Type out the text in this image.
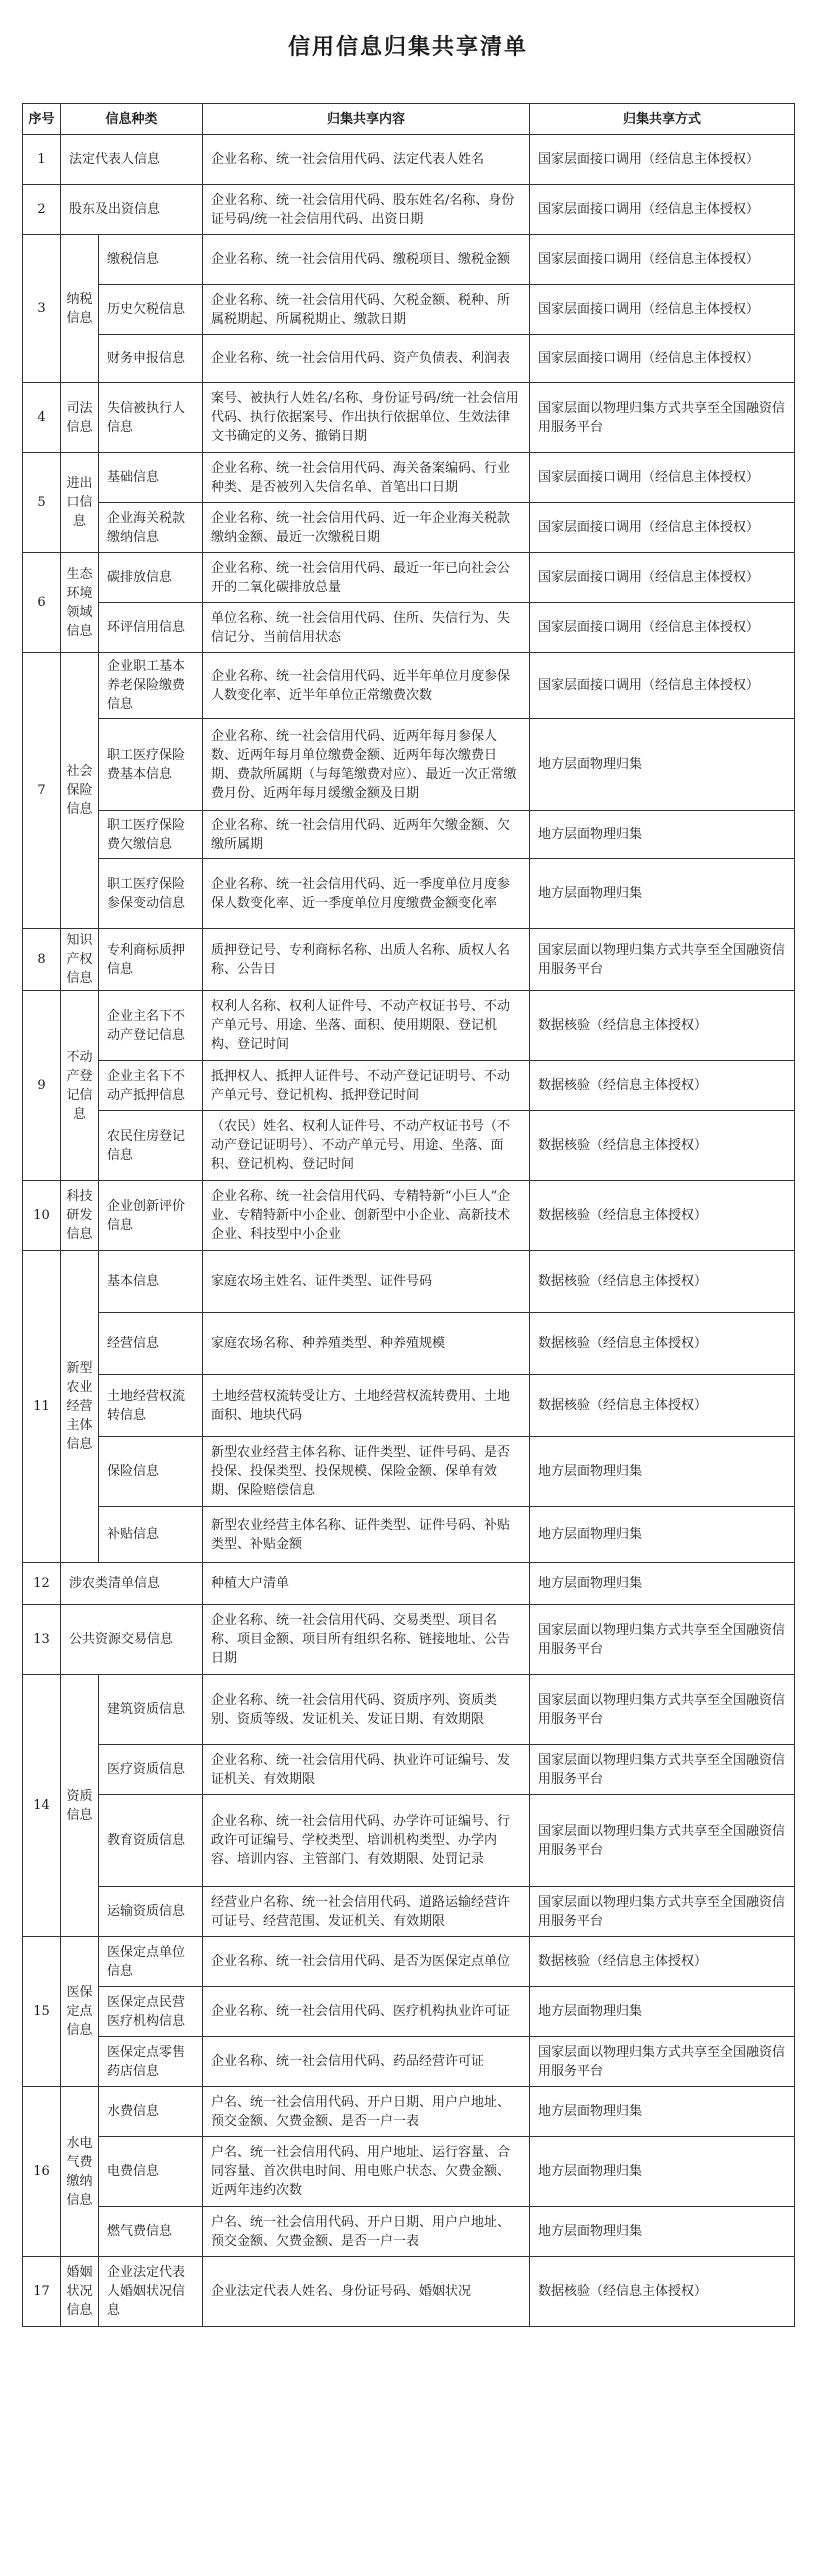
信用信息归集共享清单
序号	信息种类		归集共享内容	归集共享方式
1	法定代表人信息		企业名称、统一社会信用代码、法定代表人姓名	国家层面接口调用（经信息主体授权）
2	股东及出资信息		企业名称、统一社会信用代码、股东姓名/名称、身份证号码/统一社会信用代码、出资日期	国家层面接口调用（经信息主体授权）
3	纳税信息	缴税信息	企业名称、统一社会信用代码、缴税项目、缴税金额	国家层面接口调用（经信息主体授权）
		历史欠税信息	企业名称、统一社会信用代码、欠税金额、税种、所属税期起、所属税期止、缴款日期	国家层面接口调用（经信息主体授权）
		财务申报信息	企业名称、统一社会信用代码、资产负债表、利润表	国家层面接口调用（经信息主体授权）
4	司法信息	失信被执行人信息	案号、被执行人姓名/名称、身份证号码/统一社会信用代码、执行依据案号、作出执行依据单位、生效法律文书确定的义务、撤销日期	国家层面以物理归集方式共享至全国融资信用服务平台
5	进出口信息	基础信息	企业名称、统一社会信用代码、海关备案编码、行业种类、是否被列入失信名单、首笔出口日期	国家层面接口调用（经信息主体授权）
		企业海关税款缴纳信息	企业名称、统一社会信用代码、近一年企业海关税款缴纳金额、最近一次缴税日期	国家层面接口调用（经信息主体授权）
6	生态环境领域信息	碳排放信息	企业名称、统一社会信用代码、最近一年已向社会公开的二氧化碳排放总量	国家层面接口调用（经信息主体授权）
		环评信用信息	单位名称、统一社会信用代码、住所、失信行为、失信记分、当前信用状态	国家层面接口调用（经信息主体授权）
7	社会保险信息	企业职工基本养老保险缴费信息	企业名称、统一社会信用代码、近半年单位月度参保人数变化率、近半年单位正常缴费次数	国家层面接口调用（经信息主体授权）
		职工医疗保险费基本信息	企业名称、统一社会信用代码、近两年每月参保人数、近两年每月单位缴费金额、近两年每次缴费日期、费款所属期（与每笔缴费对应）、最近一次正常缴费月份、近两年每月缓缴金额及日期	地方层面物理归集
		职工医疗保险费欠缴信息	企业名称、统一社会信用代码、近两年欠缴金额、欠缴所属期	地方层面物理归集
		职工医疗保险参保变动信息	企业名称、统一社会信用代码、近一季度单位月度参保人数变化率、近一季度单位月度缴费金额变化率	地方层面物理归集
8	知识产权信息	专利商标质押信息	质押登记号、专利商标名称、出质人名称、质权人名称、公告日	国家层面以物理归集方式共享至全国融资信用服务平台
9	不动产登记信息	企业主名下不动产登记信息	权利人名称、权利人证件号、不动产权证书号、不动产单元号、用途、坐落、面积、使用期限、登记机构、登记时间	数据核验（经信息主体授权）
		企业主名下不动产抵押信息	抵押权人、抵押人证件号、不动产登记证明号、不动产单元号、登记机构、抵押登记时间	数据核验（经信息主体授权）
		农民住房登记信息	（农民）姓名、权利人证件号、不动产权证书号（不动产登记证明号）、不动产单元号、用途、坐落、面积、登记机构、登记时间	数据核验（经信息主体授权）
10	科技研发信息	企业创新评价信息	企业名称、统一社会信用代码、专精特新“小巨人”企业、专精特新中小企业、创新型中小企业、高新技术企业、科技型中小企业	数据核验（经信息主体授权）
11	新型农业经营主体信息	基本信息	家庭农场主姓名、证件类型、证件号码	数据核验（经信息主体授权）
		经营信息	家庭农场名称、种养殖类型、种养殖规模	数据核验（经信息主体授权）
		土地经营权流转信息	土地经营权流转受让方、土地经营权流转费用、土地面积、地块代码	数据核验（经信息主体授权）
		保险信息	新型农业经营主体名称、证件类型、证件号码、是否投保、投保类型、投保规模、保险金额、保单有效期、保险赔偿信息	地方层面物理归集
		补贴信息	新型农业经营主体名称、证件类型、证件号码、补贴类型、补贴金额	地方层面物理归集
12	涉农类清单信息		种植大户清单	地方层面物理归集
13	公共资源交易信息		企业名称、统一社会信用代码、交易类型、项目名称、项目金额、项目所有组织名称、链接地址、公告日期	国家层面以物理归集方式共享至全国融资信用服务平台
14	资质信息	建筑资质信息	企业名称、统一社会信用代码、资质序列、资质类别、资质等级、发证机关、发证日期、有效期限	国家层面以物理归集方式共享至全国融资信用服务平台
		医疗资质信息	企业名称、统一社会信用代码、执业许可证编号、发证机关、有效期限	国家层面以物理归集方式共享至全国融资信用服务平台
		教育资质信息	企业名称、统一社会信用代码、办学许可证编号、行政许可证编号、学校类型、培训机构类型、办学内容、培训内容、主管部门、有效期限、处罚记录	国家层面以物理归集方式共享至全国融资信用服务平台
		运输资质信息	经营业户名称、统一社会信用代码、道路运输经营许可证号、经营范围、发证机关、有效期限	国家层面以物理归集方式共享至全国融资信用服务平台
15	医保定点信息	医保定点单位信息	企业名称、统一社会信用代码、是否为医保定点单位	数据核验（经信息主体授权）
		医保定点民营医疗机构信息	企业名称、统一社会信用代码、医疗机构执业许可证	地方层面物理归集
		医保定点零售药店信息	企业名称、统一社会信用代码、药品经营许可证	国家层面以物理归集方式共享至全国融资信用服务平台
16	水电气费缴纳信息	水费信息	户名、统一社会信用代码、开户日期、用户户地址、预交金额、欠费金额、是否一户一表	地方层面物理归集
		电费信息	户名、统一社会信用代码、用户地址、运行容量、合同容量、首次供电时间、用电账户状态、欠费金额、近两年违约次数	地方层面物理归集
		燃气费信息	户名、统一社会信用代码、开户日期、用户户地址、预交金额、欠费金额、是否一户一表	地方层面物理归集
17	婚姻状况信息	企业法定代表人婚姻状况信息	企业法定代表人姓名、身份证号码、婚姻状况	数据核验（经信息主体授权）
